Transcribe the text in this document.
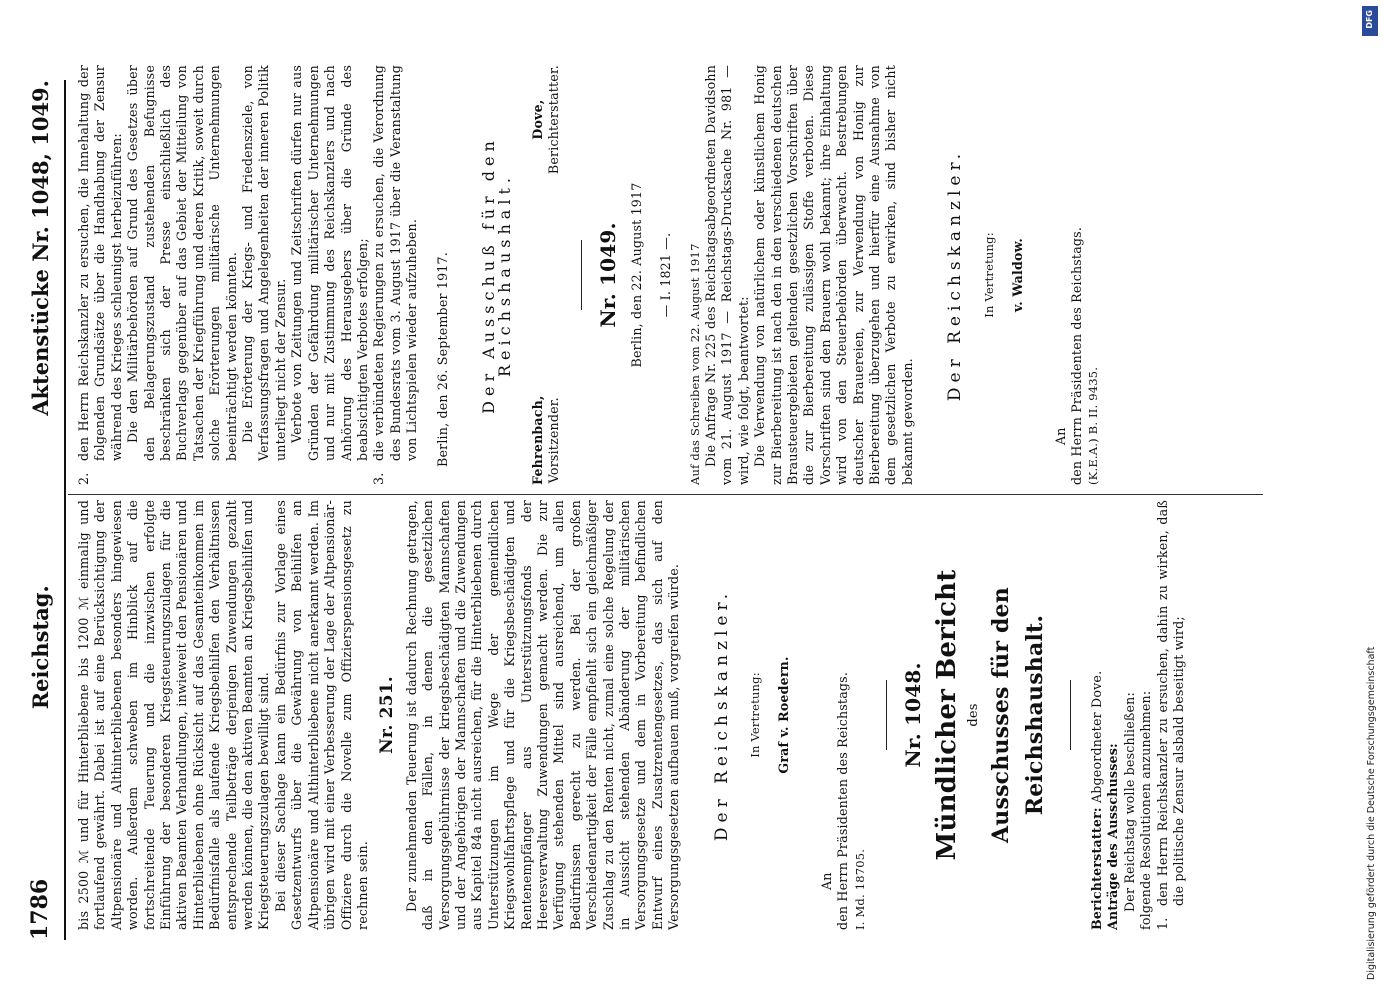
1786
Reichstag.
Aktenstücke Nr. 1048, 1049.

bis 2500 ℳ und für Hinterbliebene bis 1200 ℳ einmalig und fortlaufend gewährt. Dabei ist auf eine Berücksichtigung der Altpensionäre und Althinterbliebenen besonders hingewiesen worden. Außerdem schweben im Hinblick auf die fortschreitende Teuerung und die inzwischen erfolgte Einführung der besonderen Kriegsteuerungszulagen für die aktiven Beamten Verhandlungen, inwieweit den Pensionären und Hinterbliebenen ohne Rücksicht auf das Gesamteinkommen im Bedürfnisfalle als laufende Kriegsbeihilfen den Verhältnissen entsprechende Teilbeträge derjenigen Zuwendungen gezahlt werden können, die den aktiven Beamten an Kriegsbeihilfen und Kriegsteuerungszulagen bewilligt sind. Bei dieser Sachlage kann ein Bedürfnis zur Vorlage eines Gesetzentwurfs über die Gewährung von Beihilfen an Altpensionäre und Althinterbliebene nicht anerkannt werden. Im übrigen wird mit einer Verbesserung der Lage der Altpensionär-Offiziere durch die Novelle zum Offizierspensionsgesetz zu rechnen sein.

Nr. 251. Der zunehmenden Teuerung ist dadurch Rechnung getragen, daß in den Fällen, in denen die gesetzlichen Versorgungsgebührnisse der kriegsbeschädigten Mannschaften und der Angehörigen der Mannschaften und die Zuwendungen aus Kapitel 84a nicht ausreichen, für die Hinterbliebenen durch Unterstützungen im Wege der gemeindlichen Kriegswohlfahrtspflege und für die Kriegsbeschädigten und Rentenempfänger aus Unterstützungsfonds der Heeresverwaltung Zuwendungen gemacht werden. Die zur Verfügung stehenden Mittel sind ausreichend, um allen Bedürfnissen gerecht zu werden. Bei der großen Verschiedenartigkeit der Fälle empfiehlt sich ein gleichmäßiger Zuschlag zu den Renten nicht, zumal eine solche Regelung der in Aussicht stehenden Abänderung der militärischen Versorgungsgesetze und dem in Vorbereitung befindlichen Entwurf eines Zusatzrentengesetzes, das sich auf den Versorgungsgesetzen aufbauen muß, vorgreifen würde. Der Reichskanzler. In Vertretung: Graf v. Roedern.

An den Herrn Präsidenten des Reichstags. I. Md. 18705.

Nr. 1048. Mündlicher Bericht des Ausschusses für den Reichshaushalt.

Berichterstatter: Abgeordneter Dove.

Anträge des Ausschusses: Der Reichstag wolle beschließen: folgende Resolutionen anzunehmen: 1.
den Herrn Reichskanzler zu ersuchen, dahin zu wirken, daß die politische Zensur alsbald beseitigt wird;
2.
den Herrn Reichskanzler zu ersuchen, die Innehaltung der folgenden Grundsätze über die Handhabung der Zensur während des Krieges schleunigst herbeizuführen: Die den Militärbehörden auf Grund des Gesetzes über den Belagerungszustand zustehenden Befugnisse beschränken sich der Presse einschließlich des Buchverlags gegenüber auf das Gebiet der Mitteilung von Tatsachen der Kriegführung und deren Kritik, soweit durch solche Erörterungen militärische Unternehmungen beeinträchtigt werden könnten. Die Erörterung der Kriegs- und Friedensziele, von Verfassungsfragen und Angelegenheiten der inneren Politik unterliegt nicht der Zensur. Verbote von Zeitungen und Zeitschriften dürfen nur aus Gründen der Gefährdung militärischer Unternehmungen und nur mit Zustimmung des Reichskanzlers und nach Anhörung des Herausgebers über die Gründe des beabsichtigten Verbotes erfolgen;
3.
die verbündeten Regierungen zu ersuchen, die Verordnung des Bundesrats vom 3. August 1917 über die Veranstaltung von Lichtspielen wieder aufzuheben. Berlin, den 26. September 1917. Der Ausschuß für den Reichshaushalt.

Fehrenbach, Vorsitzender.
Dove, Berichterstatter.

Nr. 1049. Berlin, den 22. August 1917 — I. 1821 —. Auf das Schreiben vom 22. August 1917 Die Anfrage Nr. 225 des Reichstagsabgeordneten Davidsohn vom 21. August 1917 — Reichstags-Drucksache Nr. 981 — wird, wie folgt, beantwortet: Die Verwendung von natürlichem oder künstlichem Honig zur Bierbereitung ist nach den in den verschiedenen deutschen Brausteuergebieten geltenden gesetzlichen Vorschriften über die zur Bierbereitung zulässigen Stoffe verboten. Diese Vorschriften sind den Brauern wohl bekannt; ihre Einhaltung wird von den Steuerbehörden überwacht. Bestrebungen deutscher Brauereien, zur Verwendung von Honig zur Bierbereitung überzugehen und hierfür eine Ausnahme von dem gesetzlichen Verbote zu erwirken, sind bisher nicht bekannt geworden.

Der Reichskanzler. In Vertretung: v. Waldow.

An den Herrn Präsidenten des Reichstags. (K.E.A.) B. II. 9435.

DFG
Digitalisierung gefördert durch die Deutsche Forschungsgemeinschaft
